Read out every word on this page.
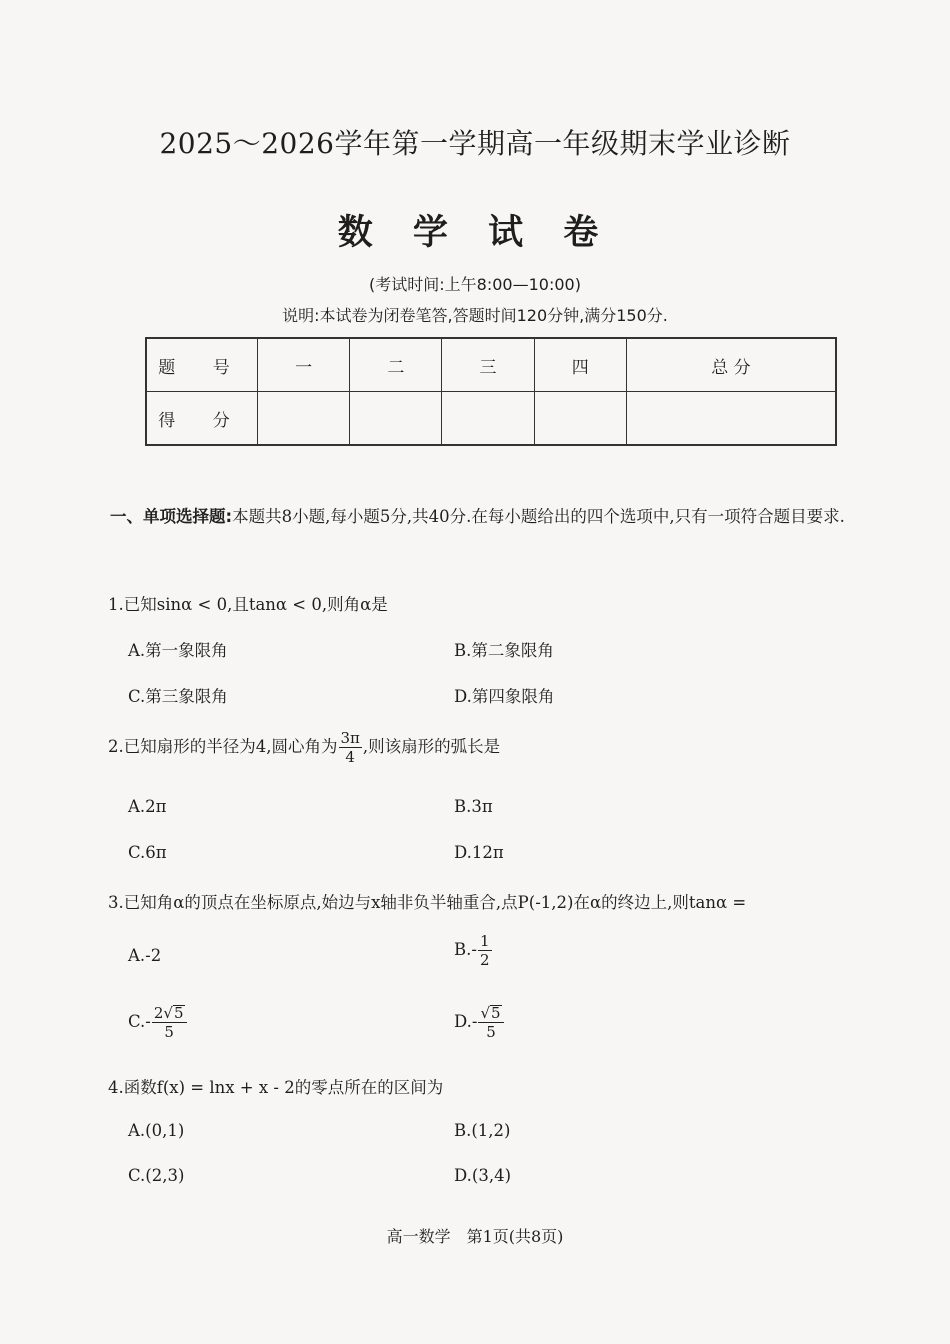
2025～2026学年第一学期高一年级期末学业诊断
数 学 试 卷
(考试时间:上午8:00—10:00)
说明:本试卷为闭卷笔答,答题时间120分钟,满分150分.
题 号	一	二	三	四	总 分
得 分					
一、单项选择题:本题共8小题,每小题5分,共40分.在每小题给出的四个选项中,只有一项符合题目要求.
1.已知sinα < 0,且tanα < 0,则角α是
A.第一象限角	B.第二象限角
C.第三象限角	D.第四象限角
2.已知扇形的半径为4,圆心角为 $\frac{3\pi}{4}$ ,则该扇形的弧长是
A.2π	B.3π
C.6π	D.12π
3.已知角α的顶点在坐标原点,始边与x轴非负半轴重合,点P(-1,2)在α的终边上,则tanα =
A.-2	$B.- \frac{1}{2}$
$C.- \frac{2√5}{5}$	$D.- \frac{√5}{5}$
4.函数f(x) = lnx + x - 2的零点所在的区间为
A.(0,1)	B.(1,2)
C.(2,3)	D.(3,4)
高一数学　第1页(共8页)
